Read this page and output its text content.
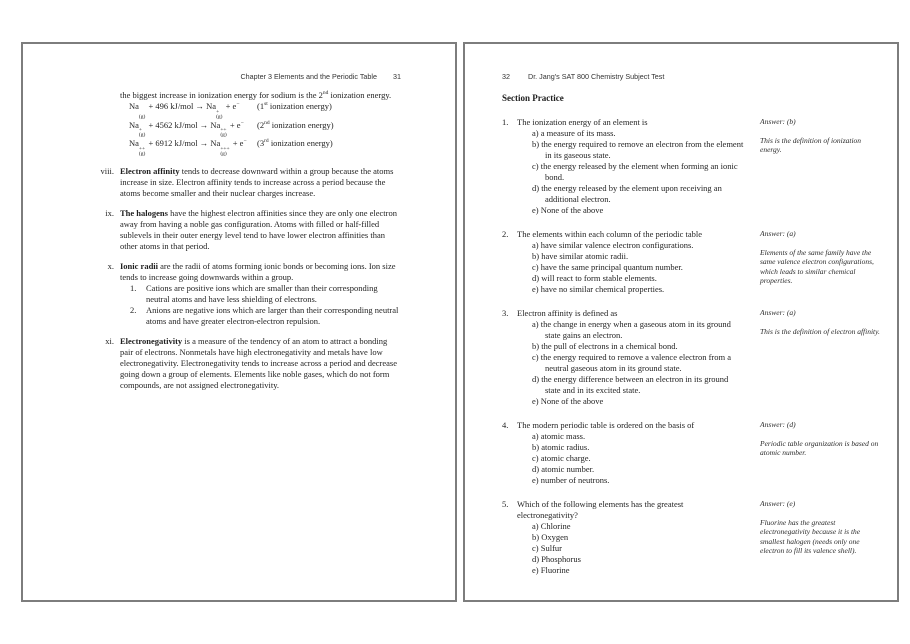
Chapter 3 Elements and the Periodic Table 31

the biggest increase in ionization energy for sodium is the 2nd ionization energy.

Na

(g)
+ 496 kJ/mol → Na
+
(g)
+ e−	(1st ionization energy)
Na
+
(g)
+ 4562 kJ/mol → Na
++
(g)
+ e−	(2nd ionization energy)
Na
++
(g)
+ 6912 kJ/mol → Na
+++
(g)
+ e−	(3rd ionization energy)
viii. Electron affinity tends to decrease downward within a group because the atoms increase in size. Electron affinity tends to increase across a period because the atoms become smaller and their nuclear charges increase.
ix. The halogens have the highest electron affinities since they are only one electron away from having a noble gas configuration. Atoms with filled or half-filled sublevels in their outer energy level tend to have lower electron affinities than other atoms in that period.
x. Ionic radii are the radii of atoms forming ionic bonds or becoming ions. Ion size tends to increase going downwards within a group.
1.	Cations are positive ions which are smaller than their corresponding neutral atoms and have less shielding of electrons.
2.	Anions are negative ions which are larger than their corresponding neutral atoms and have greater electron-electron repulsion.
xi. Electronegativity is a measure of the tendency of an atom to attract a bonding pair of electrons. Nonmetals have high electronegativity and metals have low electronegativity. Electronegativity tends to increase across a period and decrease going down a group of elements. Elements like noble gases, which do not form compounds, are not assigned electronegativity.
32	Dr. Jang's SAT 800 Chemistry Subject Test
Section Practice
1.	The ionization energy of an element is
a) a measure of its mass.
b) the energy required to remove an electron from the element in its gaseous state.
c) the energy released by the element when forming an ionic bond.
d) the energy released by the element upon receiving an additional electron.
e) None of the above
Answer: (b)
This is the definition of ionization energy.
2.	The elements within each column of the periodic table
a) have similar valence electron configurations.
b) have similar atomic radii.
c) have the same principal quantum number.
d) will react to form stable elements.
e) have no similar chemical properties.
Answer: (a)
Elements of the same family have the same valence electron configurations, which leads to similar chemical properties.
3.	Electron affinity is defined as
a) the change in energy when a gaseous atom in its ground state gains an electron.
b) the pull of electrons in a chemical bond.
c) the energy required to remove a valence electron from a neutral gaseous atom in its ground state.
d) the energy difference between an electron in its ground state and in its excited state.
e) None of the above
Answer: (a)
This is the definition of electron affinity.
4.	The modern periodic table is ordered on the basis of
a) atomic mass.
b) atomic radius.
c) atomic charge.
d) atomic number.
e) number of neutrons.
Answer: (d)
Periodic table organization is based on atomic number.
5.	Which of the following elements has the greatest electronegativity?
a) Chlorine
b) Oxygen
c) Sulfur
d) Phosphorus
e) Fluorine
Answer: (e)
Fluorine has the greatest electronegativity because it is the smallest halogen (needs only one electron to fill its valence shell).
